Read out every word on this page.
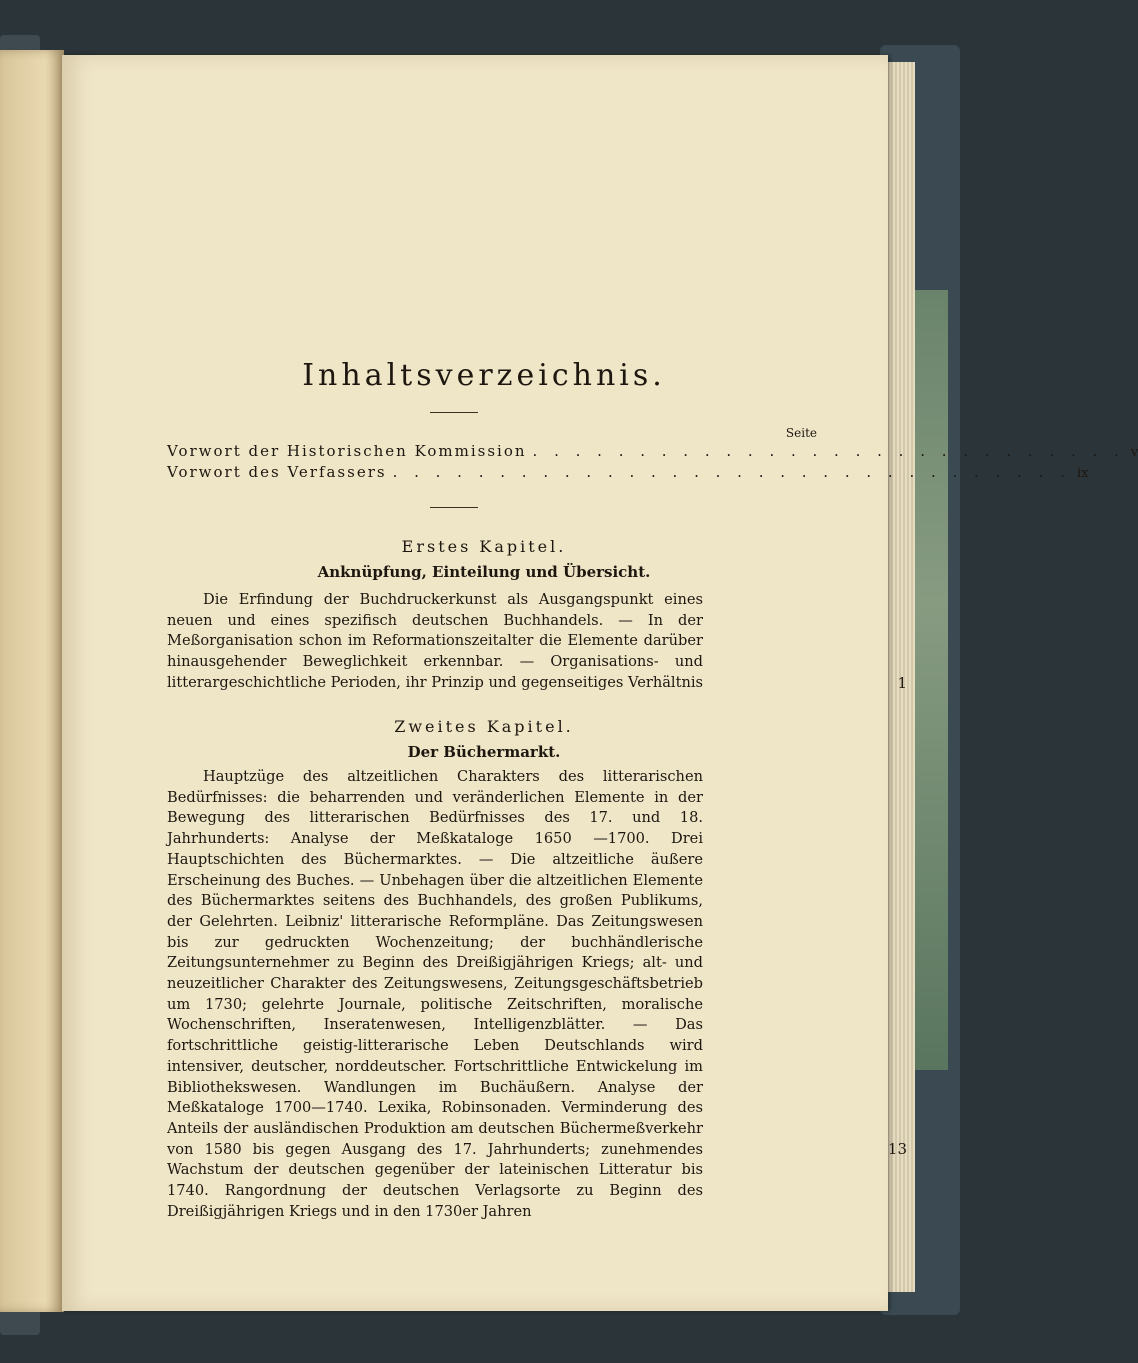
Inhaltsverzeichnis.
Seite
Vorwort der Historischen Kommission . . . . . . . . . . . . . . . . . . . . . . . . . . . . v
Vorwort des Verfassers . . . . . . . . . . . . . . . . . . . . . . . . . . . . . . . . ix
Erstes Kapitel.
Anknüpfung, Einteilung und Übersicht.
Die Erfindung der Buchdruckerkunst als Ausgangspunkt eines neuen und eines spezifisch deutschen Buchhandels. — In der Meßorganisation schon im Reformationszeitalter die Elemente darüber hinausgehender Beweglichkeit erkennbar. — Organisations- und litterargeschichtliche Perioden, ihr Prinzip und gegenseitiges Verhältnis	1
Zweites Kapitel.
Der Büchermarkt.
Hauptzüge des altzeitlichen Charakters des litterarischen Bedürfnisses: die beharrenden und veränderlichen Elemente in der Bewegung des litterarischen Bedürfnisses des 17. und 18. Jahrhunderts: Analyse der Meßkataloge 1650 —1700. Drei Hauptschichten des Büchermarktes. — Die altzeitliche äußere Erscheinung des Buches. — Unbehagen über die altzeitlichen Elemente des Büchermarktes seitens des Buchhandels, des großen Publikums, der Gelehrten. Leibniz' litterarische Reformpläne. Das Zeitungswesen bis zur gedruckten Wochenzeitung; der buchhändlerische Zeitungsunternehmer zu Beginn des Dreißigjährigen Kriegs; alt- und neuzeitlicher Charakter des Zeitungswesens, Zeitungsgeschäftsbetrieb um 1730; gelehrte Journale, politische Zeitschriften, moralische Wochenschriften, Inseratenwesen, Intelligenzblätter. — Das fortschrittliche geistig-litterarische Leben Deutschlands wird intensiver, deutscher, norddeutscher. Fortschrittliche Entwickelung im Bibliothekswesen. Wandlungen im Buchäußern. Analyse der Meßkataloge 1700—1740. Lexika, Robinsonaden. Verminderung des Anteils der ausländischen Produktion am deutschen Büchermeßverkehr von 1580 bis gegen Ausgang des 17. Jahrhunderts; zunehmendes Wachstum der deutschen gegenüber der lateinischen Litteratur bis 1740. Rangordnung der deutschen Verlagsorte zu Beginn des Dreißigjährigen Kriegs und in den 1730er Jahren
13
